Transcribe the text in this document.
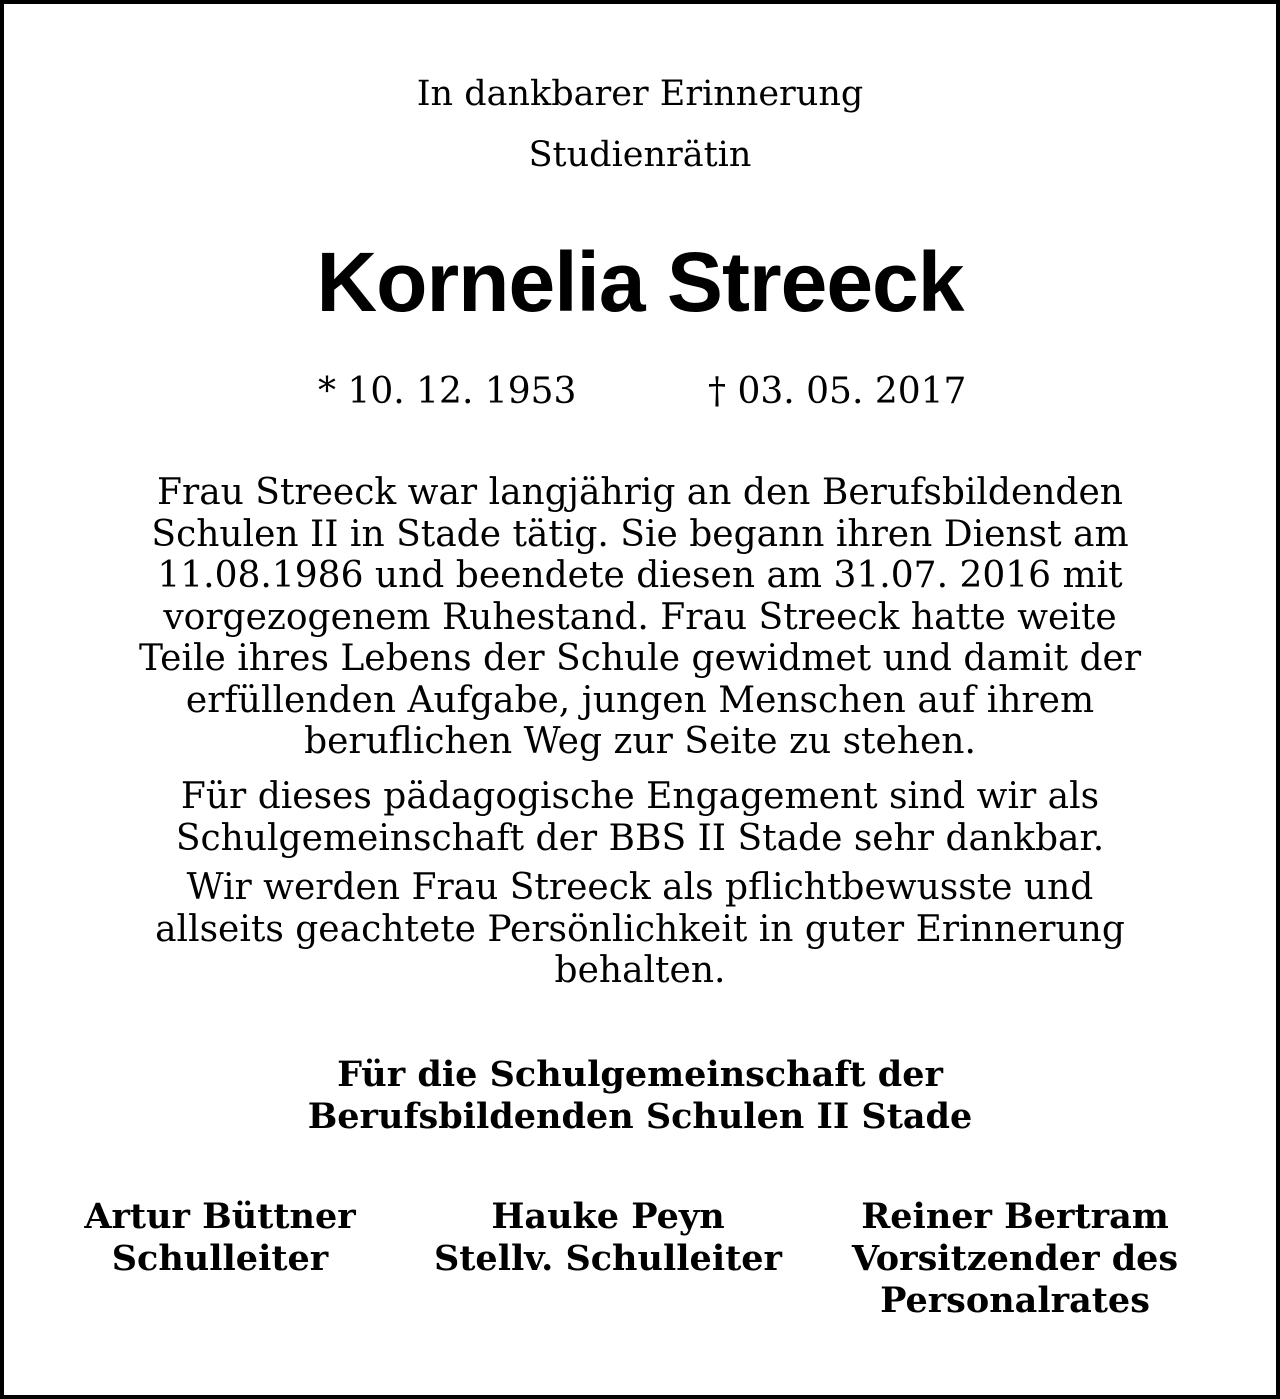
In dankbarer Erinnerung
Studienrätin
Kornelia Streeck
* 10. 12. 1953	† 03. 05. 2017
Frau Streeck war langjährig an den Berufsbildenden
Schulen II in Stade tätig. Sie begann ihren Dienst am
11.08.1986 und beendete diesen am 31.07. 2016 mit
vorgezogenem Ruhestand. Frau Streeck hatte weite
Teile ihres Lebens der Schule gewidmet und damit der
erfüllenden Aufgabe, jungen Menschen auf ihrem
beruflichen Weg zur Seite zu stehen.
Für dieses pädagogische Engagement sind wir als
Schulgemeinschaft der BBS II Stade sehr dankbar.
Wir werden Frau Streeck als pflichtbewusste und
allseits geachtete Persönlichkeit in guter Erinnerung
behalten.
Für die Schulgemeinschaft der
Berufsbildenden Schulen II Stade
Artur Büttner
Schulleiter
Hauke Peyn
Stellv. Schulleiter
Reiner Bertram
Vorsitzender des
Personalrates
